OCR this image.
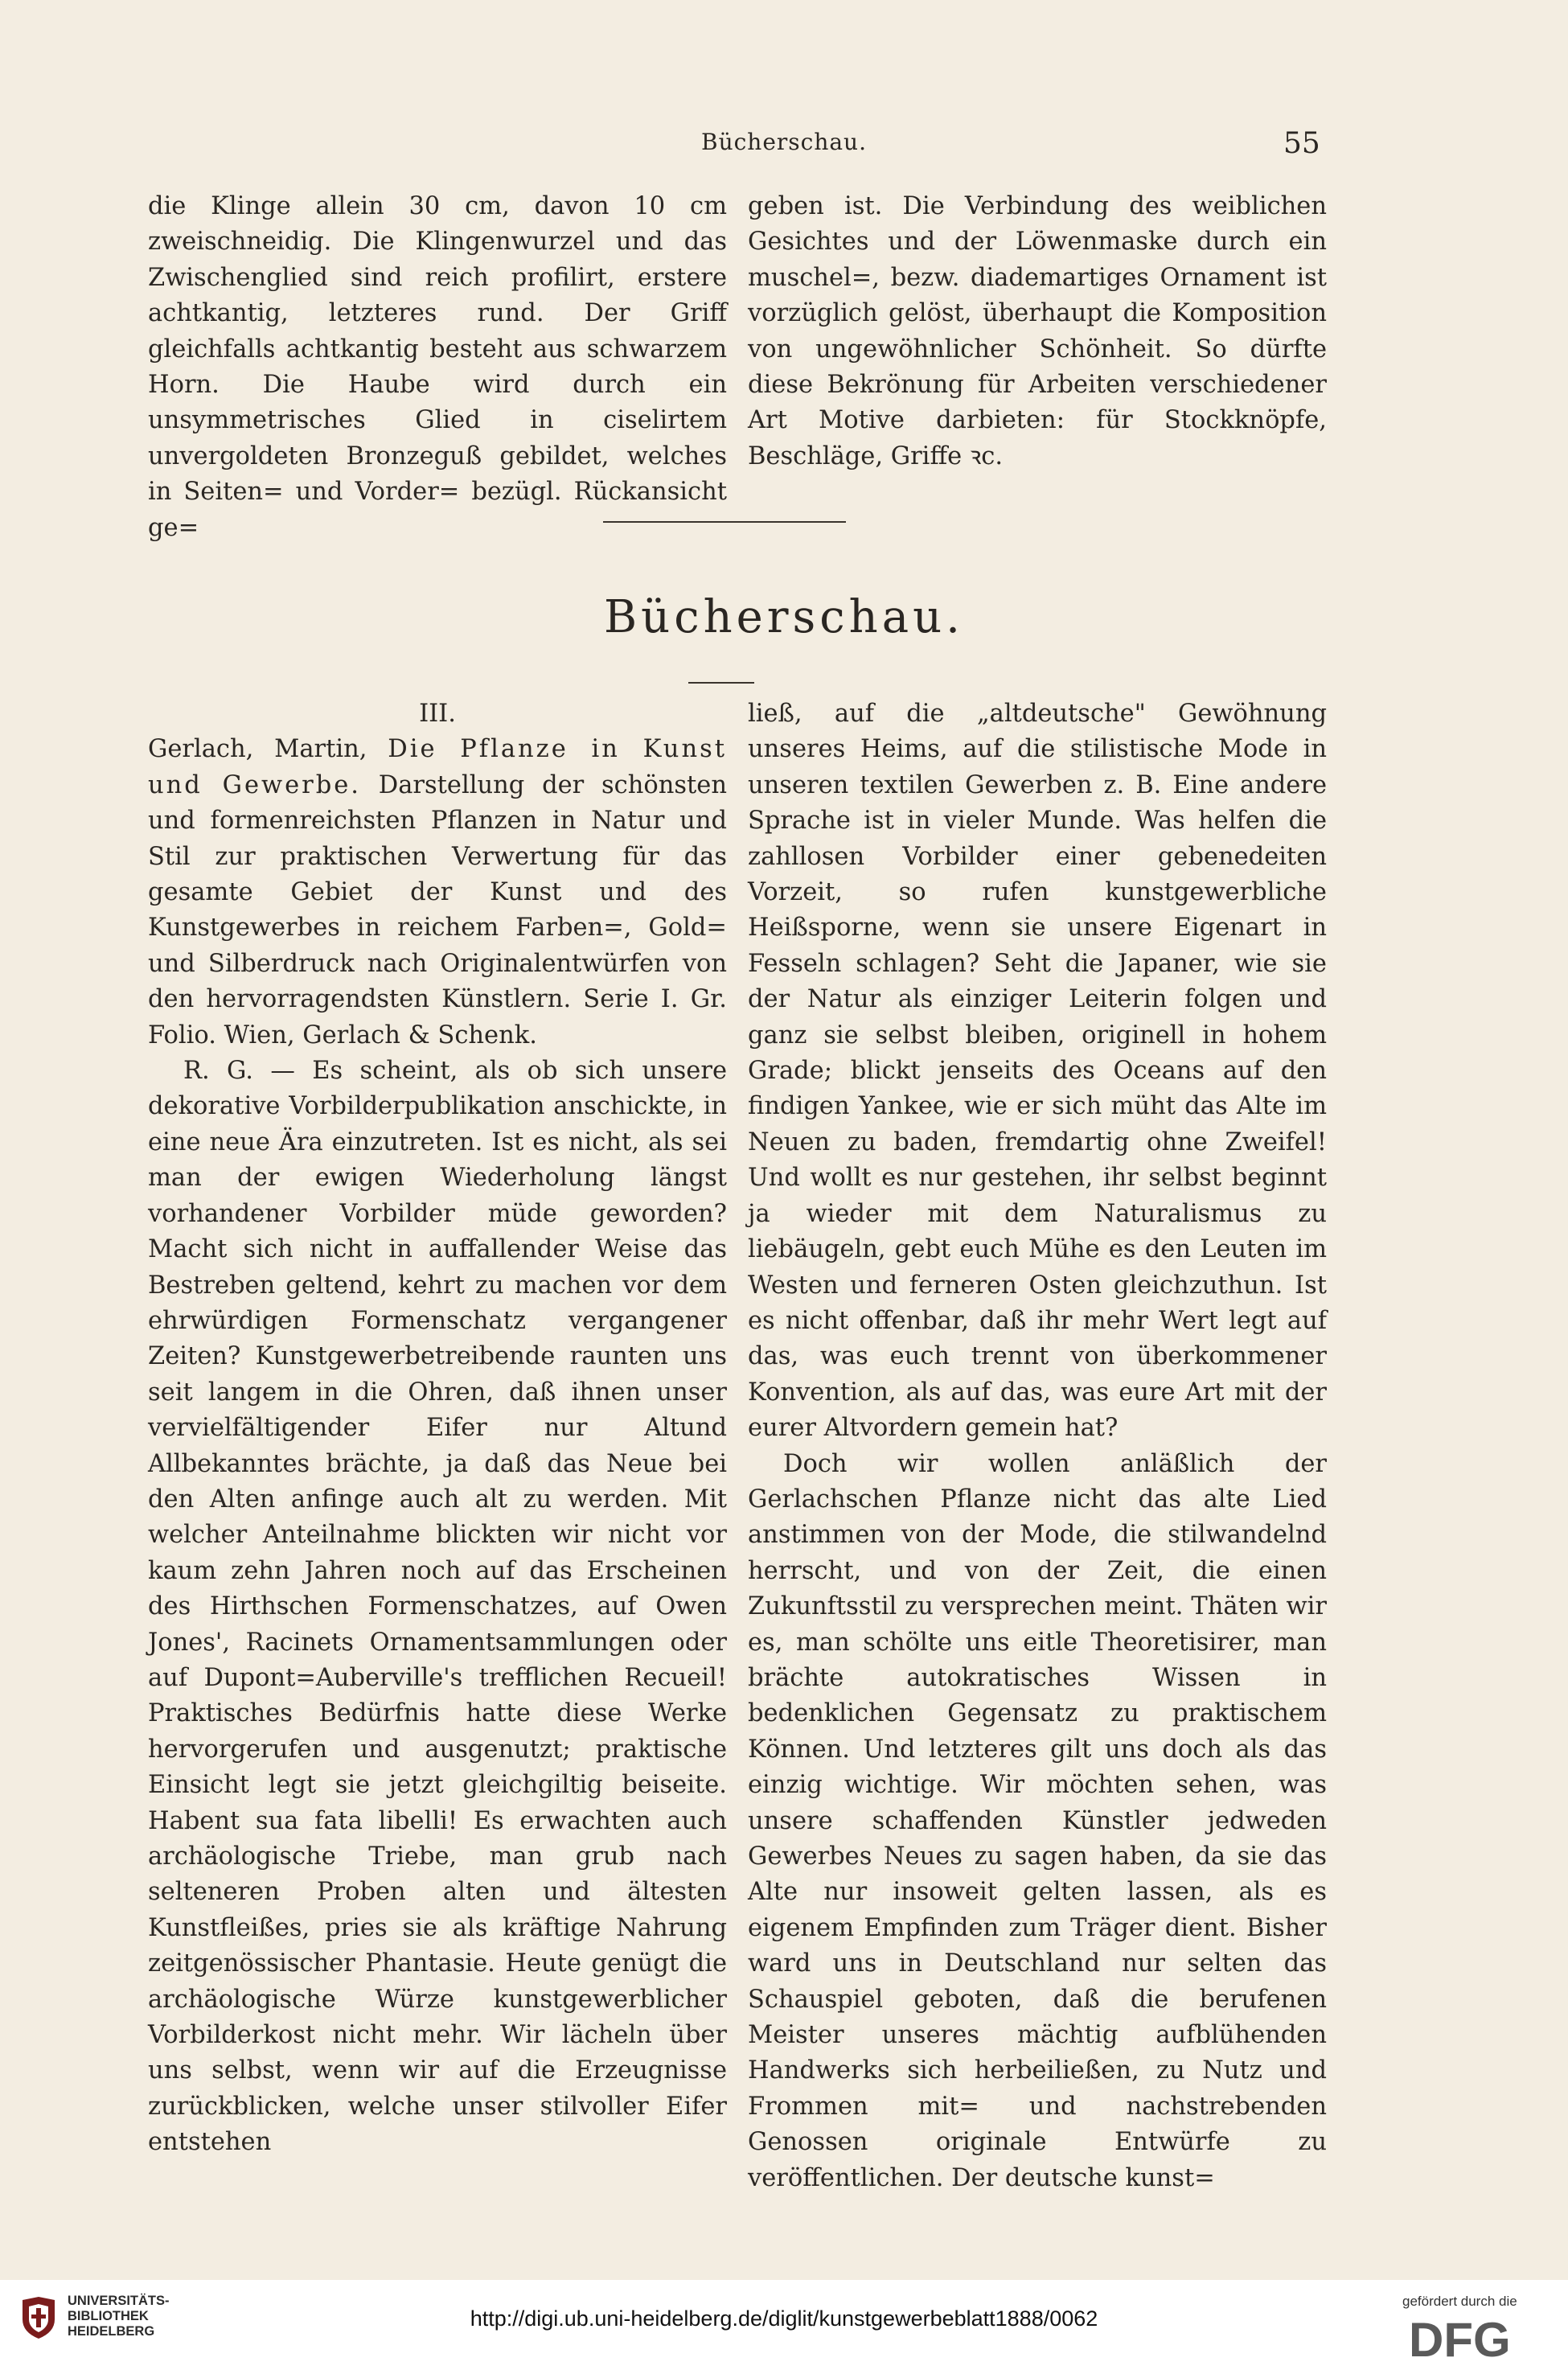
Bücherschau.	55

die Klinge allein 30 cm, davon 10 cm zweischneidig. Die Klingenwurzel und das Zwischenglied sind reich profilirt, erstere achtkantig, letzteres rund. Der Griff gleichfalls achtkantig besteht aus schwarzem Horn. Die Haube wird durch ein unsymmetrisches Glied in ciselirtem unvergoldeten Bronzeguß gebildet, welches in Seiten= und Vorder= bezügl. Rückansicht ge=

geben ist. Die Verbindung des weiblichen Gesichtes und der Löwenmaske durch ein muschel=, bezw. diademartiges Ornament ist vorzüglich gelöst, überhaupt die Komposition von ungewöhnlicher Schönheit. So dürfte diese Bekrönung für Arbeiten verschiedener Art Motive darbieten: für Stockknöpfe, Beschläge, Griffe ꝛc.

Bücherschau.

III.

Gerlach, Martin, Die Pflanze in Kunst und Gewerbe. Darstellung der schönsten und formenreichsten Pflanzen in Natur und Stil zur praktischen Verwertung für das gesamte Gebiet der Kunst und des Kunstgewerbes in reichem Farben=, Gold= und Silberdruck nach Originalentwürfen von den hervorragendsten Künstlern. Serie I. Gr. Folio. Wien, Gerlach & Schenk.

R. G. — Es scheint, als ob sich unsere dekorative Vorbilderpublikation anschickte, in eine neue Ära einzutreten. Ist es nicht, als sei man der ewigen Wiederholung längst vorhandener Vorbilder müde geworden? Macht sich nicht in auffallender Weise das Bestreben geltend, kehrt zu machen vor dem ehrwürdigen Formenschatz vergangener Zeiten? Kunstgewerbetreibende raunten uns seit langem in die Ohren, daß ihnen unser vervielfältigender Eifer nur Altund Allbekanntes brächte, ja daß das Neue bei den Alten anfinge auch alt zu werden. Mit welcher Anteilnahme blickten wir nicht vor kaum zehn Jahren noch auf das Erscheinen des Hirthschen Formenschatzes, auf Owen Jones', Racinets Ornamentsammlungen oder auf Dupont=Auberville's trefflichen Recueil! Praktisches Bedürfnis hatte diese Werke hervorgerufen und ausgenutzt; praktische Einsicht legt sie jetzt gleichgiltig beiseite. Habent sua fata libelli! Es erwachten auch archäologische Triebe, man grub nach selteneren Proben alten und ältesten Kunstfleißes, pries sie als kräftige Nahrung zeitgenössischer Phantasie. Heute genügt die archäologische Würze kunstgewerblicher Vorbilderkost nicht mehr. Wir lächeln über uns selbst, wenn wir auf die Erzeugnisse zurückblicken, welche unser stilvoller Eifer entstehen

ließ, auf die „altdeutsche" Gewöhnung unseres Heims, auf die stilistische Mode in unseren textilen Gewerben z. B. Eine andere Sprache ist in vieler Munde. Was helfen die zahllosen Vorbilder einer gebenedeiten Vorzeit, so rufen kunstgewerbliche Heißsporne, wenn sie unsere Eigenart in Fesseln schlagen? Seht die Japaner, wie sie der Natur als einziger Leiterin folgen und ganz sie selbst bleiben, originell in hohem Grade; blickt jenseits des Oceans auf den findigen Yankee, wie er sich müht das Alte im Neuen zu baden, fremdartig ohne Zweifel! Und wollt es nur gestehen, ihr selbst beginnt ja wieder mit dem Naturalismus zu liebäugeln, gebt euch Mühe es den Leuten im Westen und ferneren Osten gleichzuthun. Ist es nicht offenbar, daß ihr mehr Wert legt auf das, was euch trennt von überkommener Konvention, als auf das, was eure Art mit der eurer Altvordern gemein hat?

Doch wir wollen anläßlich der Gerlachschen Pflanze nicht das alte Lied anstimmen von der Mode, die stilwandelnd herrscht, und von der Zeit, die einen Zukunftsstil zu versprechen meint. Thäten wir es, man schölte uns eitle Theoretisirer, man brächte autokratisches Wissen in bedenklichen Gegensatz zu praktischem Können. Und letzteres gilt uns doch als das einzig wichtige. Wir möchten sehen, was unsere schaffenden Künstler jedweden Gewerbes Neues zu sagen haben, da sie das Alte nur insoweit gelten lassen, als es eigenem Empfinden zum Träger dient. Bisher ward uns in Deutschland nur selten das Schauspiel geboten, daß die berufenen Meister unseres mächtig aufblühenden Handwerks sich herbeiließen, zu Nutz und Frommen mit= und nachstrebenden Genossen originale Entwürfe zu veröffentlichen. Der deutsche kunst=

UNIVERSITÄTS-
BIBLIOTHEK
HEIDELBERG
http://digi.ub.uni-heidelberg.de/diglit/kunstgewerbeblatt1888/0062
gefördert durch die
DFG
